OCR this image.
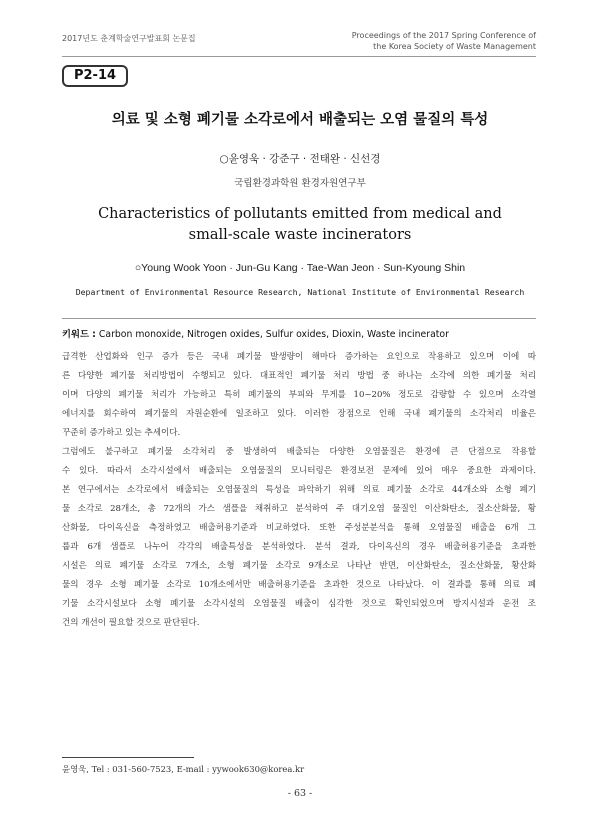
2017년도 춘계학술연구발표회 논문집	Proceedings of the 2017 Spring Conference of
the Korea Society of Waste Management
P2-14
의료 및 소형 폐기물 소각로에서 배출되는 오염 물질의 특성
○윤영욱 · 강준구 · 전태완 · 신선경
국립환경과학원 환경자원연구부
Characteristics of pollutants emitted from medical and
small-scale waste incinerators
○Young Wook Yoon · Jun-Gu Kang · Tae-Wan Jeon · Sun-Kyoung Shin
Department of Environmental Resource Research, National Institute of Environmental Research
키워드 : Carbon monoxide, Nitrogen oxides, Sulfur oxides, Dioxin, Waste incinerator
급격한 산업화와 인구 증가 등은 국내 폐기물 발생량이 해마다 증가하는 요인으로 작용하고 있으며 이에 따
른 다양한 폐기물 처리방법이 수행되고 있다. 대표적인 폐기물 처리 방법 중 하나는 소각에 의한 폐기물 처리
이며 다양의 폐기물 처리가 가능하고 특히 폐기물의 부피와 무게를 10~20% 정도로 감량할 수 있으며 소각열
에너지를 회수하여 폐기물의 자원순환에 일조하고 있다. 이러한 장점으로 인해 국내 폐기물의 소각처리 비율은
꾸준히 증가하고 있는 추세이다.
그럼에도 불구하고 폐기물 소각처리 중 발생하여 배출되는 다양한 오염물질은 환경에 큰 단점으로 작용할
수 있다. 따라서 소각시설에서 배출되는 오염물질의 모니터링은 환경보전 문제에 있어 매우 중요한 과제이다.
본 연구에서는 소각로에서 배출되는 오염물질의 특성을 파악하기 위해 의료 폐기물 소각로 44개소와 소형 폐기
물 소각로 28개소, 총 72개의 가스 샘플을 채취하고 분석하여 주 대기오염 물질인 이산화탄소, 질소산화물, 황
산화물, 다이옥신을 측정하였고 배출허용기준과 비교하였다. 또한 주성분분석을 통해 오염물질 배출을 6개 그
룹과 6개 샘플로 나누어 각각의 배출특성을 분석하였다. 분석 결과, 다이옥신의 경우 배출허용기준을 초과한
시설은 의료 폐기물 소각로 7개소, 소형 폐기물 소각로 9개소로 나타난 반면, 이산화탄소, 질소산화물, 황산화
물의 경우 소형 폐기물 소각로 10개소에서만 배출허용기준을 초과한 것으로 나타났다. 이 결과를 통해 의료 폐
기물 소각시설보다 소형 폐기물 소각시설의 오염물질 배출이 심각한 것으로 확인되었으며 방지시설과 운전 조
건의 개선이 필요할 것으로 판단된다.
윤영욱, Tel : 031-560-7523, E-mail : yywook630@korea.kr
- 63 -
